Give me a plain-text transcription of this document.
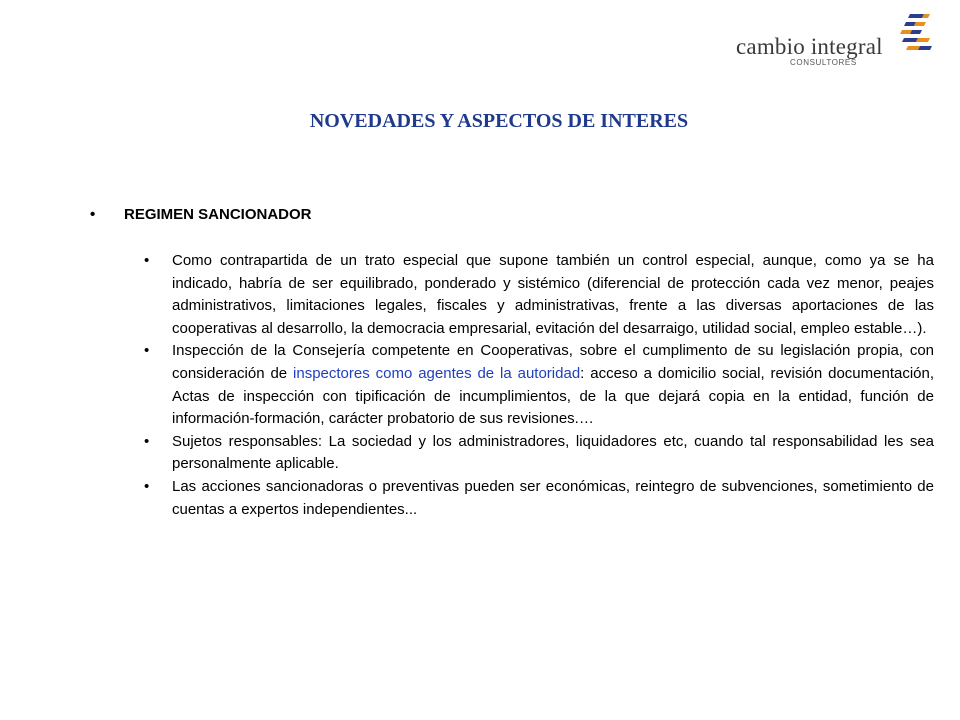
cambio integral
CONSULTORES
NOVEDADES Y ASPECTOS DE INTERES
• REGIMEN SANCIONADOR
• Como contrapartida de un trato especial que supone también un control especial, aunque, como ya se ha indicado, habría de ser equilibrado, ponderado y sistémico (diferencial de protección cada vez menor, peajes administrativos, limitaciones legales, fiscales y administrativas, frente a las diversas aportaciones de las cooperativas al desarrollo, la democracia empresarial, evitación del desarraigo, utilidad social, empleo estable…).
• Inspección de la Consejería competente en Cooperativas, sobre el cumplimento de su legislación propia, con consideración de inspectores como agentes de la autoridad: acceso a domicilio social, revisión documentación, Actas de inspección con tipificación de incumplimientos, de la que dejará copia en la entidad, función de información-formación, carácter probatorio de sus revisiones.…
• Sujetos responsables: La sociedad y los administradores, liquidadores etc, cuando tal responsabilidad les sea personalmente aplicable.
• Las acciones sancionadoras o preventivas pueden ser económicas, reintegro de subvenciones, sometimiento de cuentas a expertos independientes...
